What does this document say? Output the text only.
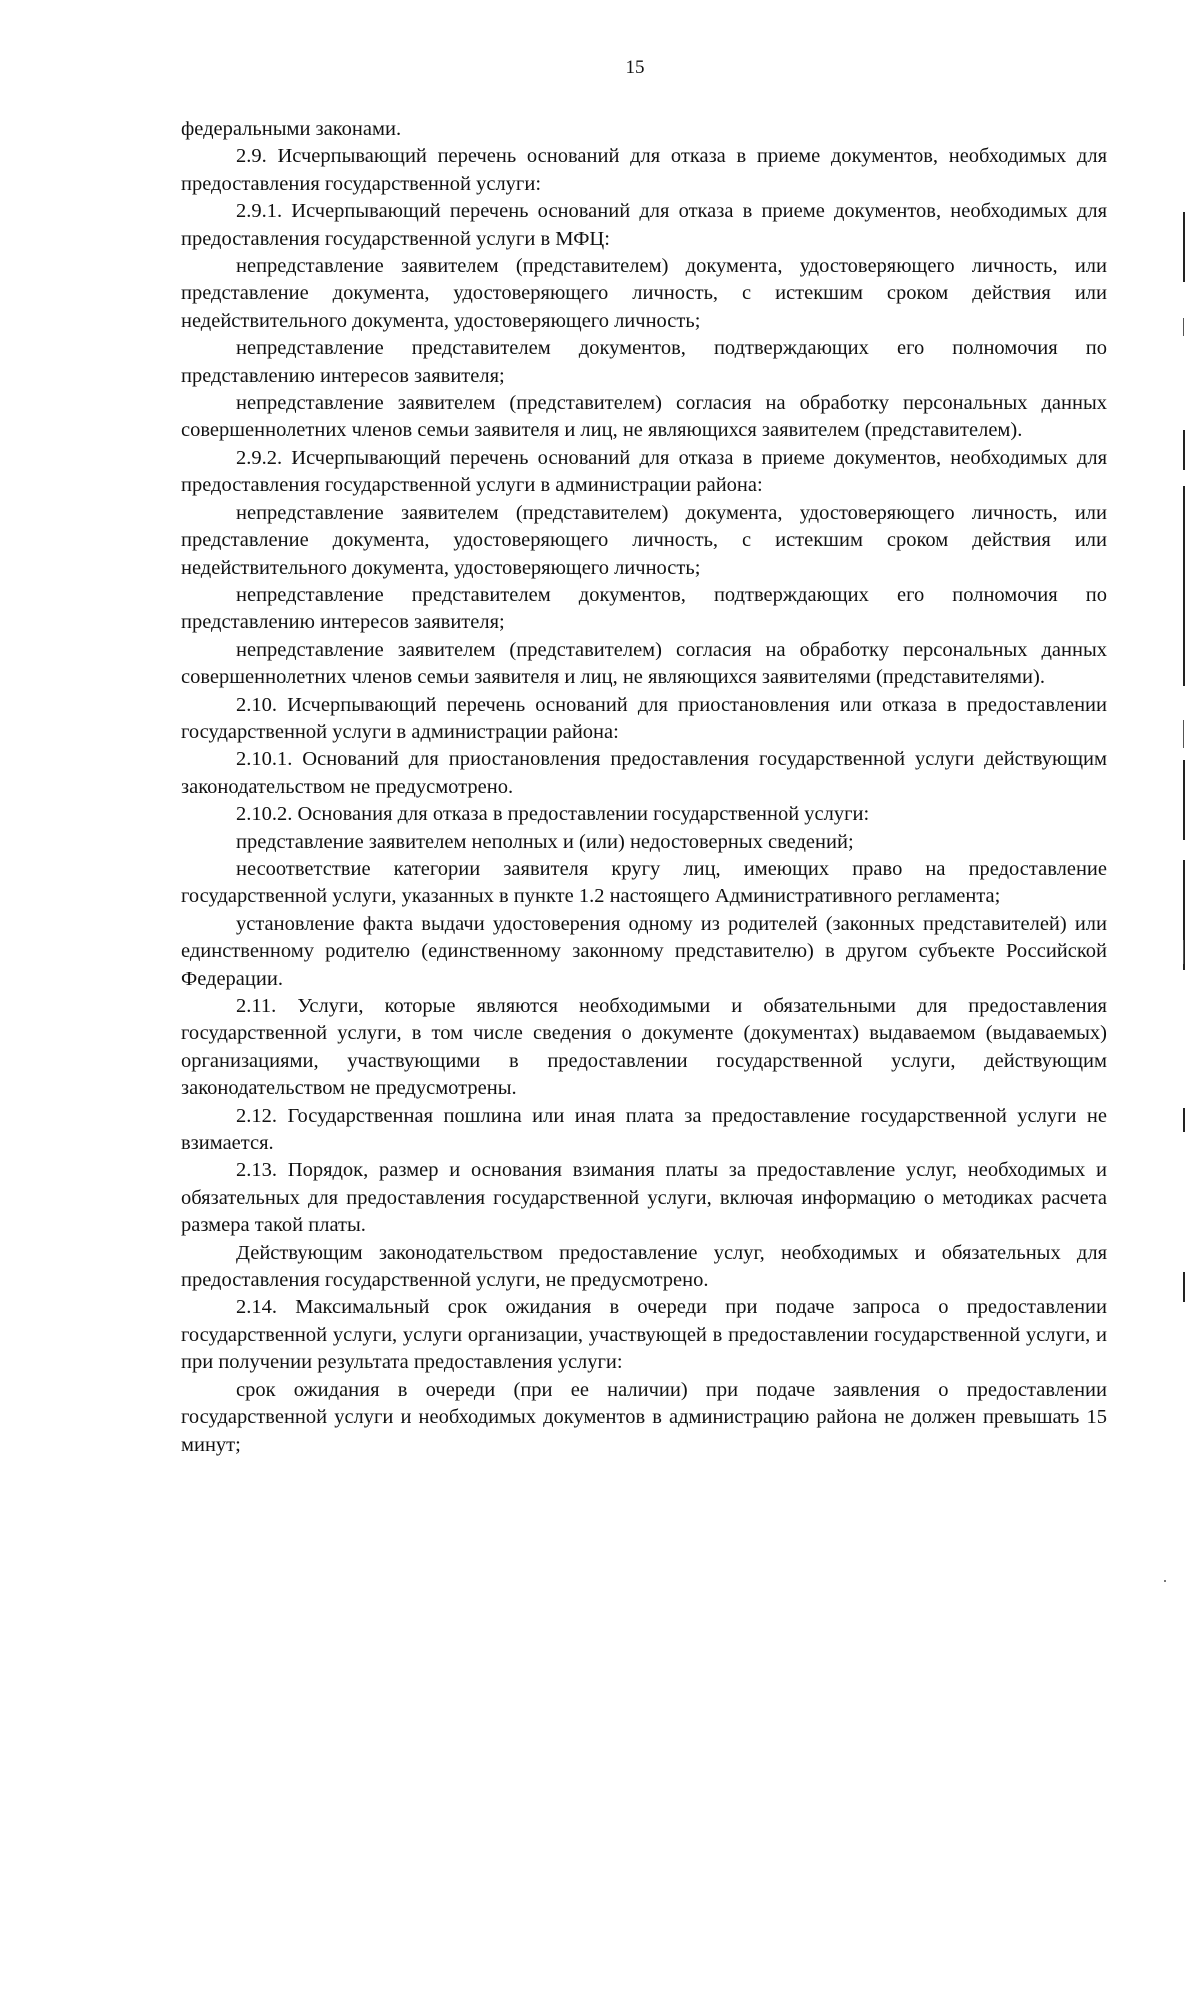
15

федеральными законами.

2.9. Исчерпывающий перечень оснований для отказа в приеме документов, необходимых для предоставления государственной услуги:

2.9.1. Исчерпывающий перечень оснований для отказа в приеме документов, необходимых для предоставления государственной услуги в МФЦ:

непредставление заявителем (представителем) документа, удостоверяющего личность, или представление документа, удостоверяющего личность, с истекшим сроком действия или недействительного документа, удостоверяющего личность;

непредставление представителем документов, подтверждающих его полномочия по представлению интересов заявителя;

непредставление заявителем (представителем) согласия на обработку персональных данных совершеннолетних членов семьи заявителя и лиц, не являющихся заявителем (представителем).

2.9.2. Исчерпывающий перечень оснований для отказа в приеме документов, необходимых для предоставления государственной услуги в администрации района:

непредставление заявителем (представителем) документа, удостоверяющего личность, или представление документа, удостоверяющего личность, с истекшим сроком действия или недействительного документа, удостоверяющего личность;

непредставление представителем документов, подтверждающих его полномочия по представлению интересов заявителя;

непредставление заявителем (представителем) согласия на обработку персональных данных совершеннолетних членов семьи заявителя и лиц, не являющихся заявителями (представителями).

2.10. Исчерпывающий перечень оснований для приостановления или отказа в предоставлении государственной услуги в администрации района:

2.10.1. Оснований для приостановления предоставления государственной услуги действующим законодательством не предусмотрено.

2.10.2. Основания для отказа в предоставлении государственной услуги:

представление заявителем неполных и (или) недостоверных сведений;

несоответствие категории заявителя кругу лиц, имеющих право на предоставление государственной услуги, указанных в пункте 1.2 настоящего Административного регламента;

установление факта выдачи удостоверения одному из родителей (законных представителей) или единственному родителю (единственному законному представителю) в другом субъекте Российской Федерации.

2.11. Услуги, которые являются необходимыми и обязательными для предоставления государственной услуги, в том числе сведения о документе (документах) выдаваемом (выдаваемых) организациями, участвующими в предоставлении государственной услуги, действующим законодательством не предусмотрены.

2.12. Государственная пошлина или иная плата за предоставление государственной услуги не взимается.

2.13. Порядок, размер и основания взимания платы за предоставление услуг, необходимых и обязательных для предоставления государственной услуги, включая информацию о методиках расчета размера такой платы.

Действующим законодательством предоставление услуг, необходимых и обязательных для предоставления государственной услуги, не предусмотрено.

2.14. Максимальный срок ожидания в очереди при подаче запроса о предоставлении государственной услуги, услуги организации, участвующей в предоставлении государственной услуги, и при получении результата предоставления услуги:

срок ожидания в очереди (при ее наличии) при подаче заявления о предоставлении государственной услуги и необходимых документов в администрацию района не должен превышать 15 минут;
